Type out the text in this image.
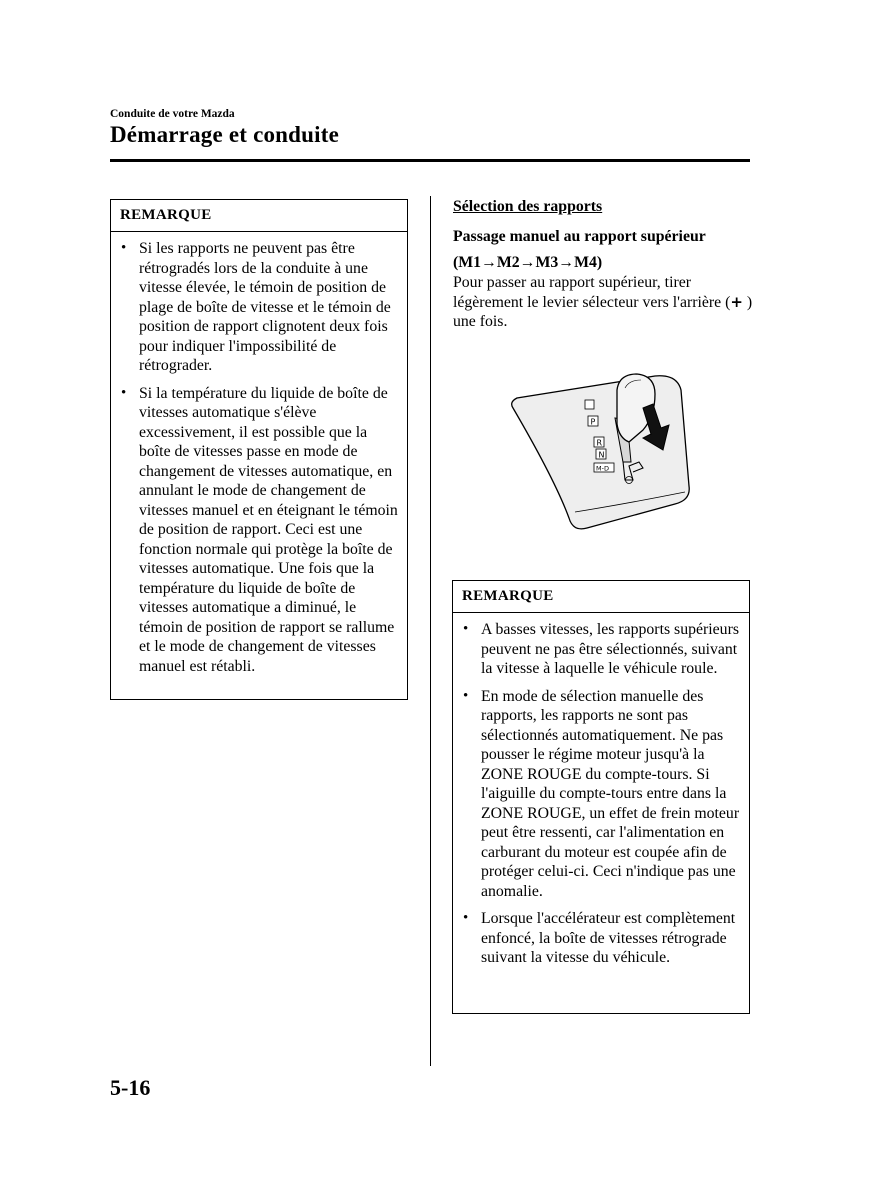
Conduite de votre Mazda
Démarrage et conduite
REMARQUE
• Si les rapports ne peuvent pas être rétrogradés lors de la conduite à une vitesse élevée, le témoin de position de plage de boîte de vitesse et le témoin de position de rapport clignotent deux fois pour indiquer l'impossibilité de rétrograder.
• Si la température du liquide de boîte de vitesses automatique s'élève excessivement, il est possible que la boîte de vitesses passe en mode de changement de vitesses automatique, en annulant le mode de changement de vitesses manuel et en éteignant le témoin de position de rapport. Ceci est une fonction normale qui protège la boîte de vitesses automatique. Une fois que la température du liquide de boîte de vitesses automatique a diminué, le témoin de position de rapport se rallume et le mode de changement de vitesses manuel est rétabli.
Sélection des rapports
Passage manuel au rapport supérieur
(M1→M2→M3→M4)
Pour passer au rapport supérieur, tirer légèrement le levier sélecteur vers l'arrière (+ ) une fois.
P
R
N
M-D
REMARQUE
• A basses vitesses, les rapports supérieurs peuvent ne pas être sélectionnés, suivant la vitesse à laquelle le véhicule roule.
• En mode de sélection manuelle des rapports, les rapports ne sont pas sélectionnés automatiquement. Ne pas pousser le régime moteur jusqu'à la ZONE ROUGE du compte-tours. Si l'aiguille du compte-tours entre dans la ZONE ROUGE, un effet de frein moteur peut être ressenti, car l'alimentation en carburant du moteur est coupée afin de protéger celui-ci. Ceci n'indique pas une anomalie.
• Lorsque l'accélérateur est complètement enfoncé, la boîte de vitesses rétrograde suivant la vitesse du véhicule.
5-16
